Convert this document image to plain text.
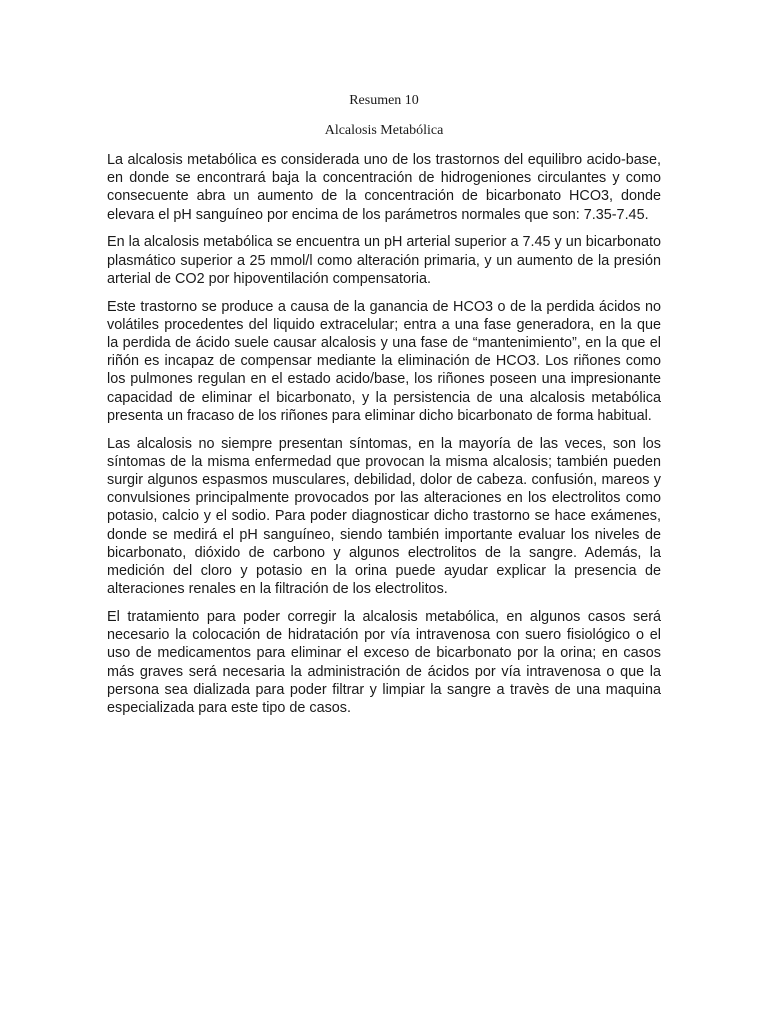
Resumen 10
Alcalosis Metabólica

La alcalosis metabólica es considerada uno de los trastornos del equilibro acido-base, en donde se encontrará baja la concentración de hidrogeniones circulantes y como consecuente abra un aumento de la concentración de bicarbonato HCO3, donde elevara el pH sanguíneo por encima de los parámetros normales que son: 7.35-7.45.

En la alcalosis metabólica se encuentra un pH arterial superior a 7.45 y un bicarbonato plasmático superior a 25 mmol/l como alteración primaria, y un aumento de la presión arterial de CO2 por hipoventilación compensatoria.

Este trastorno se produce a causa de la ganancia de HCO3 o de la perdida ácidos no volátiles procedentes del liquido extracelular; entra a una fase generadora, en la que la perdida de ácido suele causar alcalosis y una fase de “mantenimiento”, en la que el riñón es incapaz de compensar mediante la eliminación de HCO3. Los riñones como los pulmones regulan en el estado acido/base, los riñones poseen una impresionante capacidad de eliminar el bicarbonato, y la persistencia de una alcalosis metabólica presenta un fracaso de los riñones para eliminar dicho bicarbonato de forma habitual.

Las alcalosis no siempre presentan síntomas, en la mayoría de las veces, son los síntomas de la misma enfermedad que provocan la misma alcalosis; también pueden surgir algunos espasmos musculares, debilidad, dolor de cabeza. confusión, mareos y convulsiones principalmente provocados por las alteraciones en los electrolitos como potasio, calcio y el sodio. Para poder diagnosticar dicho trastorno se hace exámenes, donde se medirá el pH sanguíneo, siendo también importante evaluar los niveles de bicarbonato, dióxido de carbono y algunos electrolitos de la sangre. Además, la medición del cloro y potasio en la orina puede ayudar explicar la presencia de alteraciones renales en la filtración de los electrolitos.

El tratamiento para poder corregir la alcalosis metabólica, en algunos casos será necesario la colocación de hidratación por vía intravenosa con suero fisiológico o el uso de medicamentos para eliminar el exceso de bicarbonato por la orina; en casos más graves será necesaria la administración de ácidos por vía intravenosa o que la persona sea dializada para poder filtrar y limpiar la sangre a travès de una maquina especializada para este tipo de casos.
